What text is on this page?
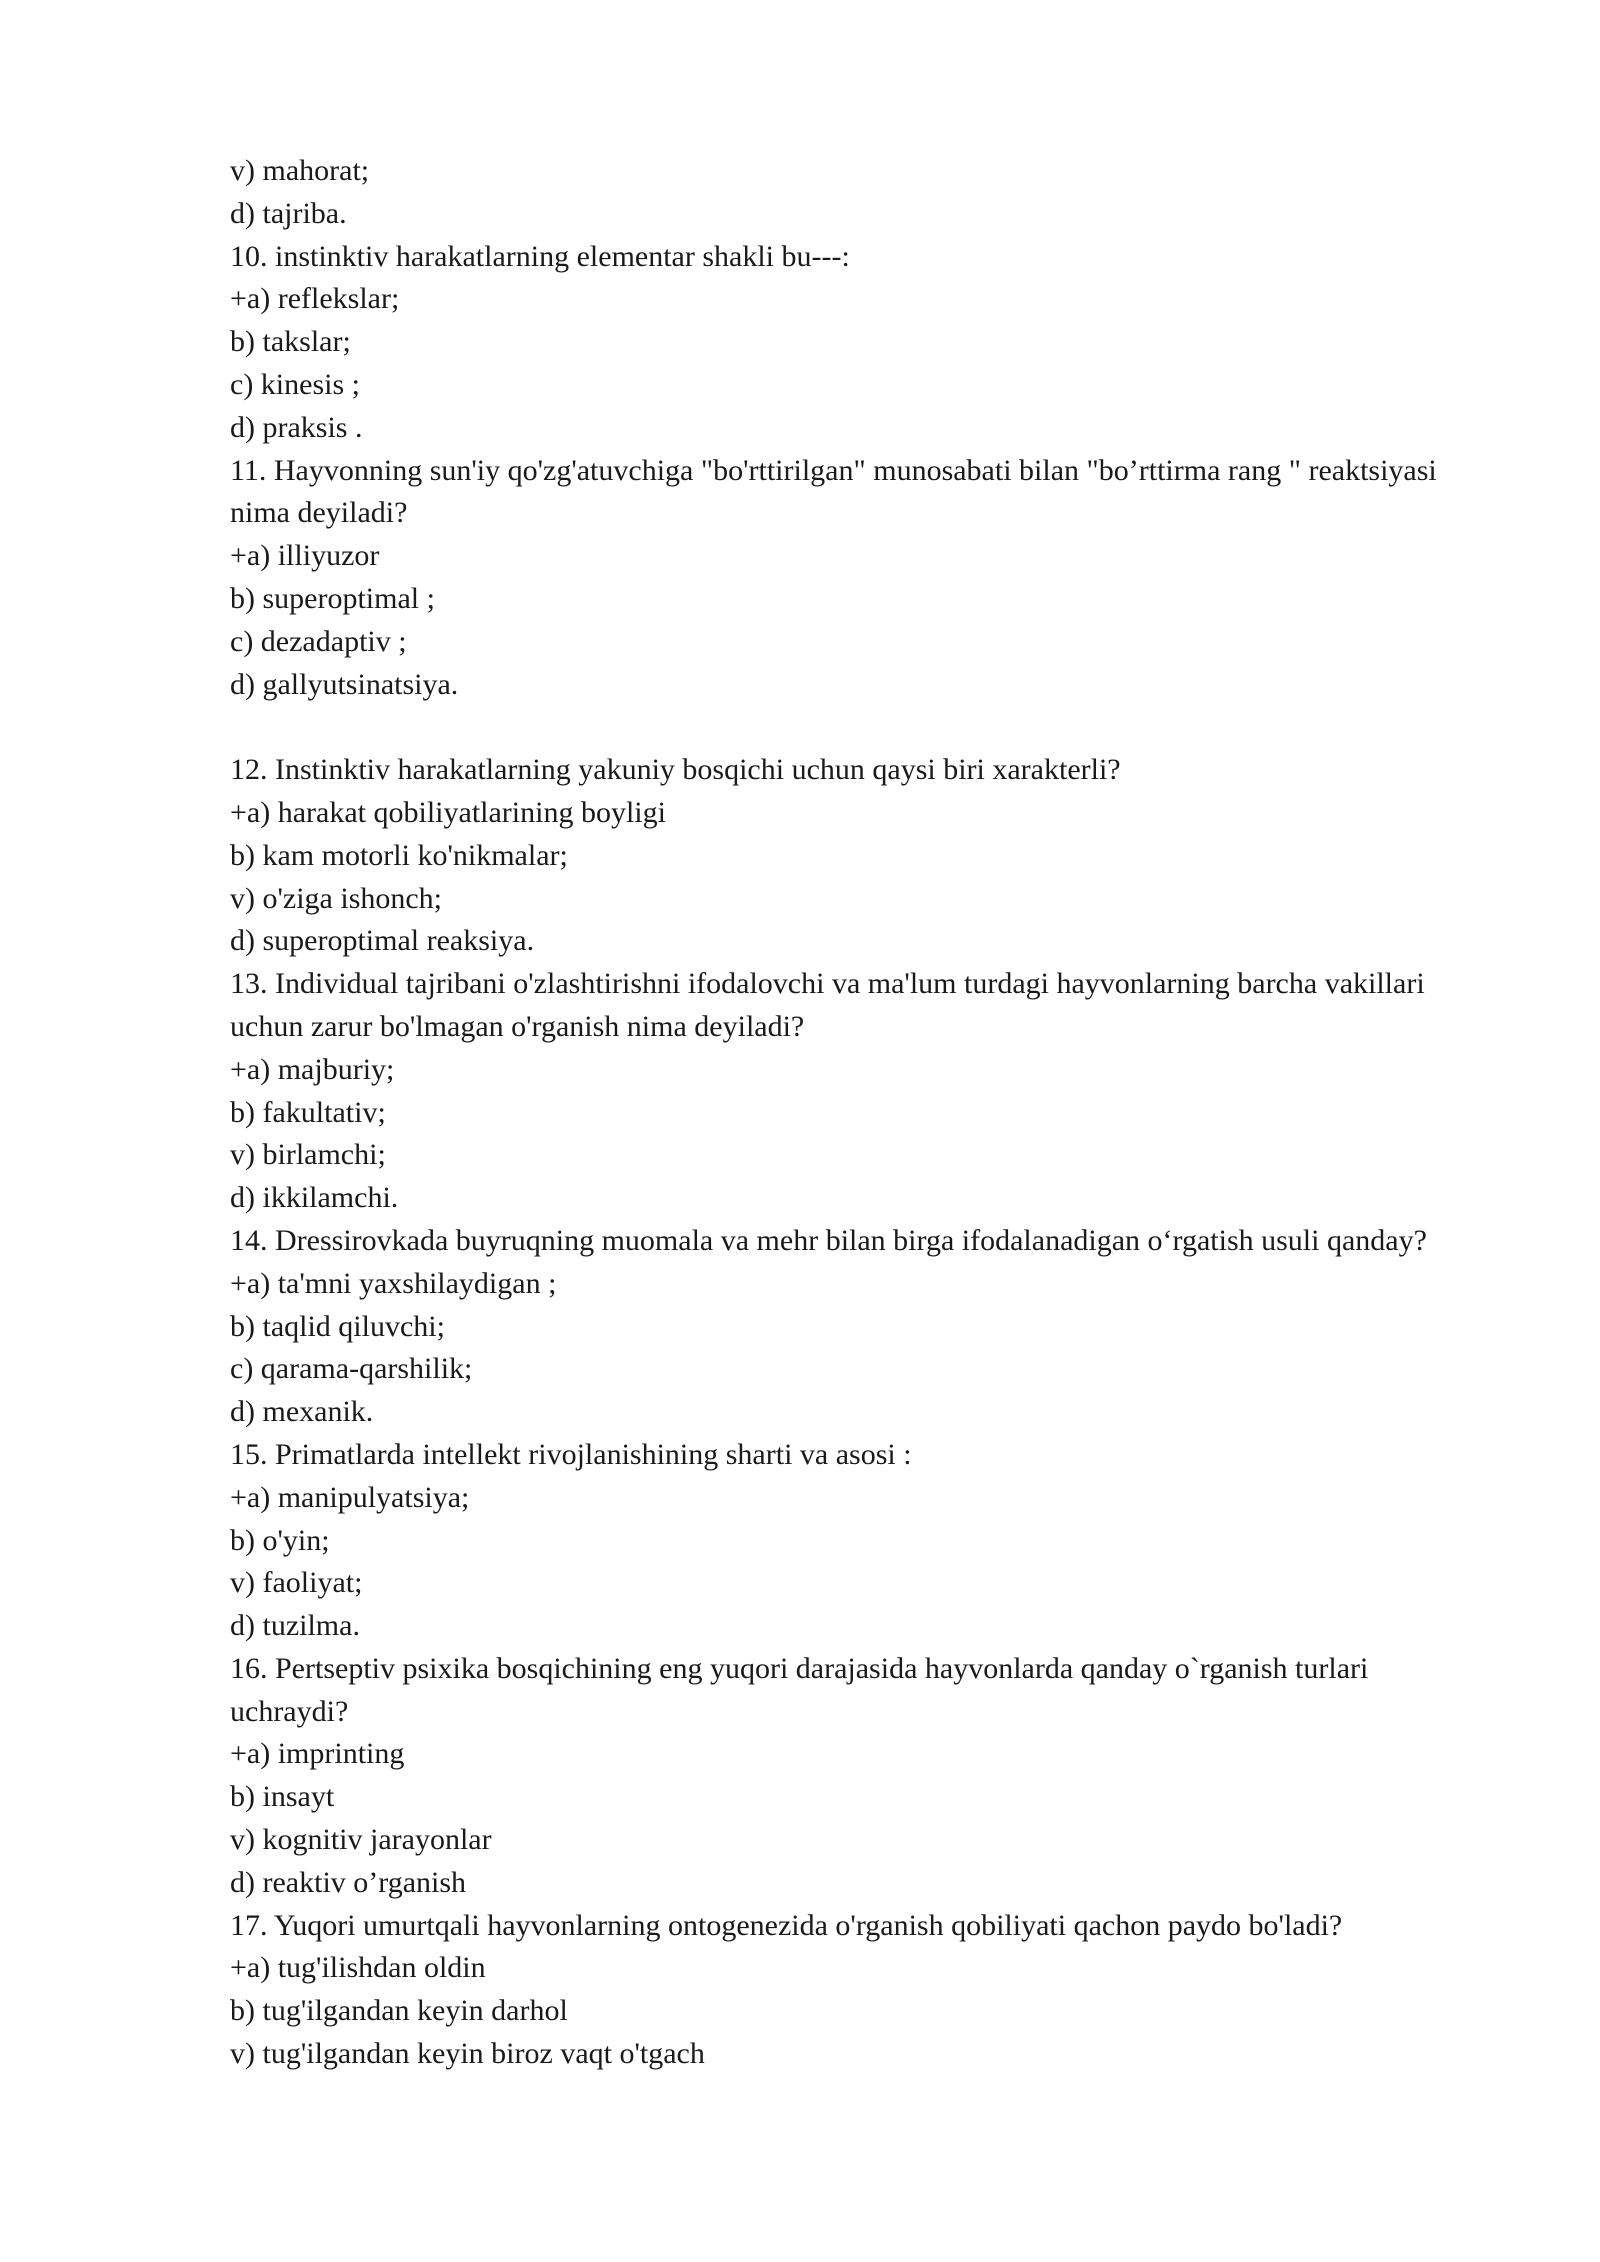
v) mahorat;

d) tajriba.

10. instinktiv harakatlarning elementar shakli bu---:

+a) reflekslar;

b) takslar;

c) kinesis ;

d) praksis .

11. Hayvonning sun'iy qo'zg'atuvchiga "bo'rttirilgan" munosabati bilan "bo’rttirma rang " reaktsiyasi nima deyiladi?

+a) illiyuzor

b) superoptimal ;

c) dezadaptiv ;

d) gallyutsinatsiya.

12. Instinktiv harakatlarning yakuniy bosqichi uchun qaysi biri xarakterli?

+a) harakat qobiliyatlarining boyligi

b) kam motorli ko'nikmalar;

v) o'ziga ishonch;

d) superoptimal reaksiya.

13. Individual tajribani o'zlashtirishni ifodalovchi va ma'lum turdagi hayvonlarning barcha vakillari uchun zarur bo'lmagan o'rganish nima deyiladi?

+a) majburiy;

b) fakultativ;

v) birlamchi;

d) ikkilamchi.

14. Dressirovkada buyruqning muomala va mehr bilan birga ifodalanadigan o‘rgatish usuli qanday?

+a) ta'mni yaxshilaydigan ;

b) taqlid qiluvchi;

c) qarama-qarshilik;

d) mexanik.

15. Primatlarda intellekt rivojlanishining sharti va asosi :

+a) manipulyatsiya;

b) o'yin;

v) faoliyat;

d) tuzilma.

16. Pertseptiv psixika bosqichining eng yuqori darajasida hayvonlarda qanday o`rganish turlari uchraydi?

+a) imprinting

b) insayt

v) kognitiv jarayonlar

d) reaktiv o’rganish

17. Yuqori umurtqali hayvonlarning ontogenezida o'rganish qobiliyati qachon paydo bo'ladi?

+a) tug'ilishdan oldin

b) tug'ilgandan keyin darhol

v) tug'ilgandan keyin biroz vaqt o'tgach
